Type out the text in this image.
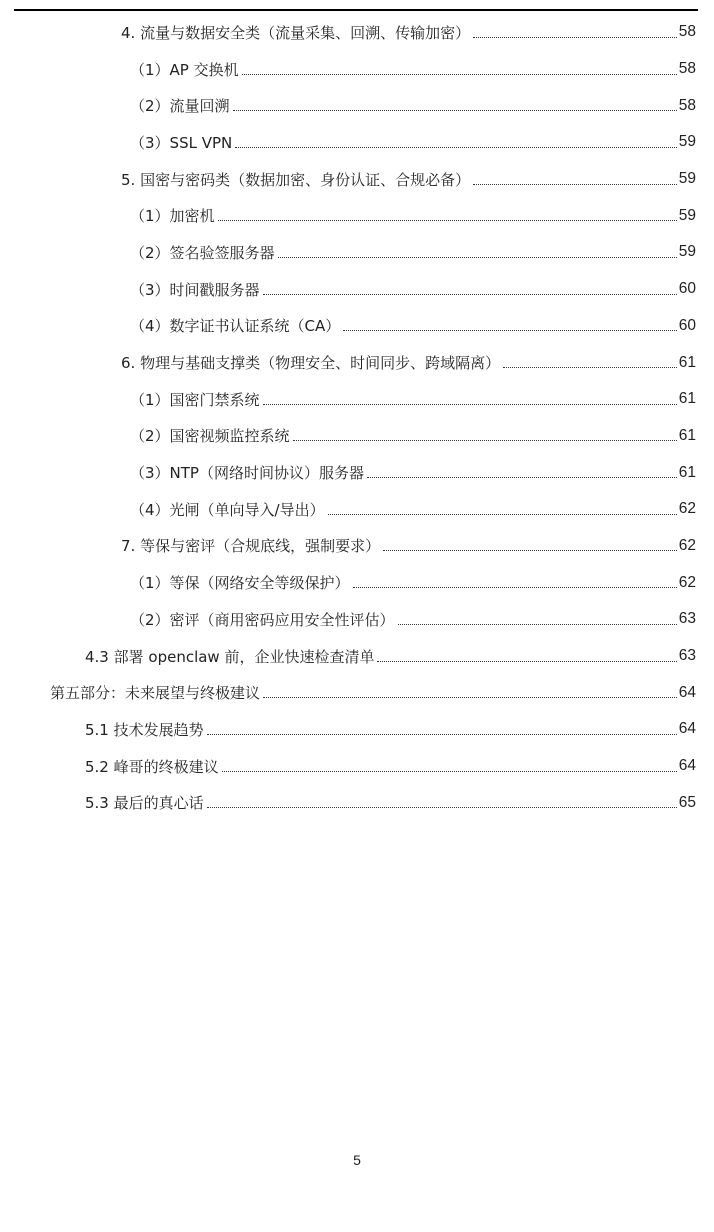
4. 流量与数据安全类（流量采集、回溯、传输加密）	58
（1）AP 交换机	58
（2）流量回溯	58
（3）SSL VPN	59
5. 国密与密码类（数据加密、身份认证、合规必备）	59
（1）加密机	59
（2）签名验签服务器	59
（3）时间戳服务器	60
（4）数字证书认证系统（CA）	60
6. 物理与基础支撑类（物理安全、时间同步、跨域隔离）	61
（1）国密门禁系统	61
（2）国密视频监控系统	61
（3）NTP（网络时间协议）服务器	61
（4）光闸（单向导入/导出）	62
7. 等保与密评（合规底线，强制要求）	62
（1）等保（网络安全等级保护）	62
（2）密评（商用密码应用安全性评估）	63
4.3 部署 openclaw 前，企业快速检查清单	63
第五部分：未来展望与终极建议	64
5.1 技术发展趋势	64
5.2 峰哥的终极建议	64
5.3 最后的真心话	65
5
